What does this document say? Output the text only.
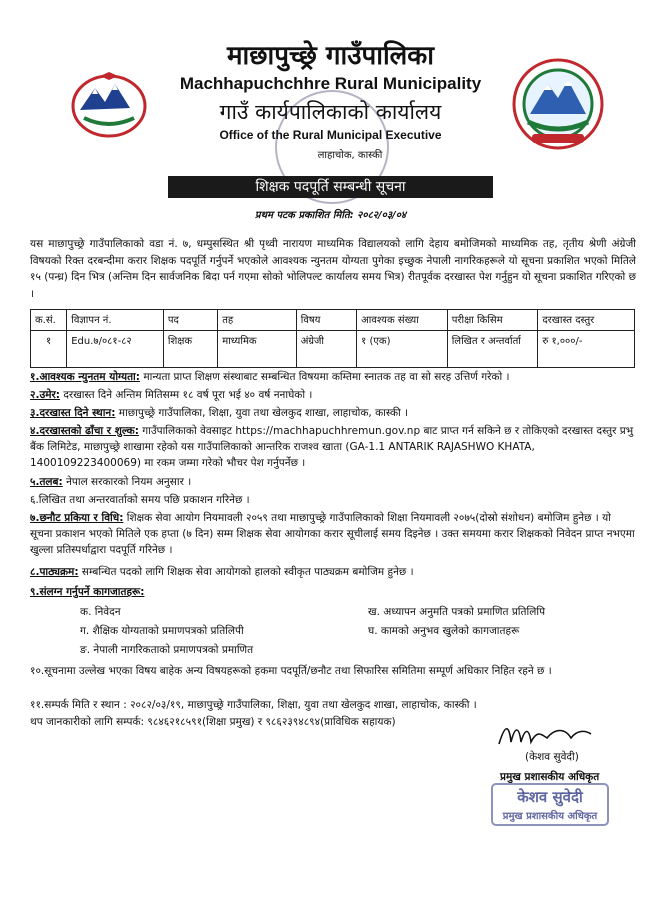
माछापुच्छ्रे गाउँपालिका
Machhapuchchhre Rural Municipality
गाउँ कार्यपालिकाको कार्यालय
Office of the Rural Municipal Executive
लाहाचोक, कास्की
शिक्षक पदपूर्ति सम्बन्धी सूचना
प्रथम पटक प्रकाशित मिति: २०८२/०३/०४
यस माछापुच्छ्रे गाउँपालिकाको वडा नं. ७, धम्पुसस्थित श्री पृथ्वी नारायण माध्यमिक विद्यालयको लागि देहाय बमोजिमको माध्यमिक तह, तृतीय श्रेणी अंग्रेजी विषयको रिक्त दरबन्दीमा करार शिक्षक पदपूर्ति गर्नुपर्ने भएकोले आवश्यक न्युनतम योग्यता पुगेका इच्छुक नेपाली नागरिकहरूले यो सूचना प्रकाशित भएको मितिले १५ (पन्ध्र) दिन भित्र (अन्तिम दिन सार्वजनिक बिदा पर्न गएमा सोको भोलिपल्ट कार्यालय समय भित्र) रीतपूर्वक दरखास्त पेश गर्नुहुन यो सूचना प्रकाशित गरिएको छ ।
क.सं.	विज्ञापन नं.	पद	तह	विषय	आवश्यक संख्या	परीक्षा किसिम	दरखास्त दस्तुर
१	Edu.७/०८१-८२	शिक्षक	माध्यमिक	अंग्रेजी	१ (एक)	लिखित र अन्तर्वार्ता	रु १,०००/-
१.आवश्यक न्युनतम योग्यता: मान्यता प्राप्त शिक्षण संस्थाबाट सम्बन्धित विषयमा कम्तिमा स्नातक तह वा सो सरह उत्तिर्ण गरेको ।
२.उमेर: दरखास्त दिने अन्तिम मितिसम्म १८ वर्ष पूरा भई ४० वर्ष ननाघेको ।
३.दरखास्त दिने स्थान: माछापुच्छ्रे गाउँपालिका, शिक्षा, युवा तथा खेलकुद शाखा, लाहाचोक, कास्की ।
४.दरखास्तको ढाँचा र शुल्क: गाउँपालिकाको वेवसाइट https://machhapuchhremun.gov.np बाट प्राप्त गर्न सकिने छ र तोकिएको दरखास्त दस्तुर प्रभु बैंक लिमिटेड, माछापुच्छ्रे शाखामा रहेको यस गाउँपालिकाको आन्तरिक राजश्व खाता (GA-1.1 ANTARIK RAJASHWO KHATA, 1400109223400069) मा रकम जम्मा गरेको भौचर पेश गर्नुपर्नेछ ।
५.तलब: नेपाल सरकारको नियम अनुसार ।
६.लिखित तथा अन्तरवार्ताको समय पछि प्रकाशन गरिनेछ ।
७.छनौट प्रकिया र विधि: शिक्षक सेवा आयोग नियमावली २०५९ तथा माछापुच्छ्रे गाउँपालिकाको शिक्षा नियमावली २०७५(दोस्रो संशोधन) बमोजिम हुनेछ । यो सूचना प्रकाशन भएको मितिले एक हप्ता (७ दिन) सम्म शिक्षक सेवा आयोगका करार सूचीलाई समय दिइनेछ । उक्त समयमा करार शिक्षकको निवेदन प्राप्त नभएमा खुल्ला प्रतिस्पर्धाद्वारा पदपूर्ति गरिनेछ ।
८.पाठ्यक्रम: सम्बन्धित पदको लागि शिक्षक सेवा आयोगको हालको स्वीकृत पाठ्यक्रम बमोजिम हुनेछ ।
९.संलग्न गर्नुपर्ने कागजातहरू:
क. निवेदन	ख. अध्यापन अनुमति पत्रको प्रमाणित प्रतिलिपि
ग. शैक्षिक योग्यताको प्रमाणपत्रको प्रतिलिपी	घ. कामको अनुभव खुलेको कागजातहरू
ङ. नेपाली नागरिकताको प्रमाणपत्रको प्रमाणित
१०.सूचनामा उल्लेख भएका विषय बाहेक अन्य विषयहरूको हकमा पदपूर्ति/छनौट तथा सिफारिस समितिमा सम्पूर्ण अधिकार निहित रहने छ ।
११.सम्पर्क मिति र स्थान : २०८२/०३/१९, माछापुच्छ्रे गाउँपालिका, शिक्षा, युवा तथा खेलकुद शाखा, लाहाचोक, कास्की ।
थप जानकारीको लागि सम्पर्क: ९८४६२१८५९१(शिक्षा प्रमुख) र ९८६२३९४८९४(प्राविधिक सहायक)
(केशव सुवेदी)
प्रमुख प्रशासकीय अधिकृत
केशव सुवेदी
प्रमुख प्रशासकीय अधिकृत
